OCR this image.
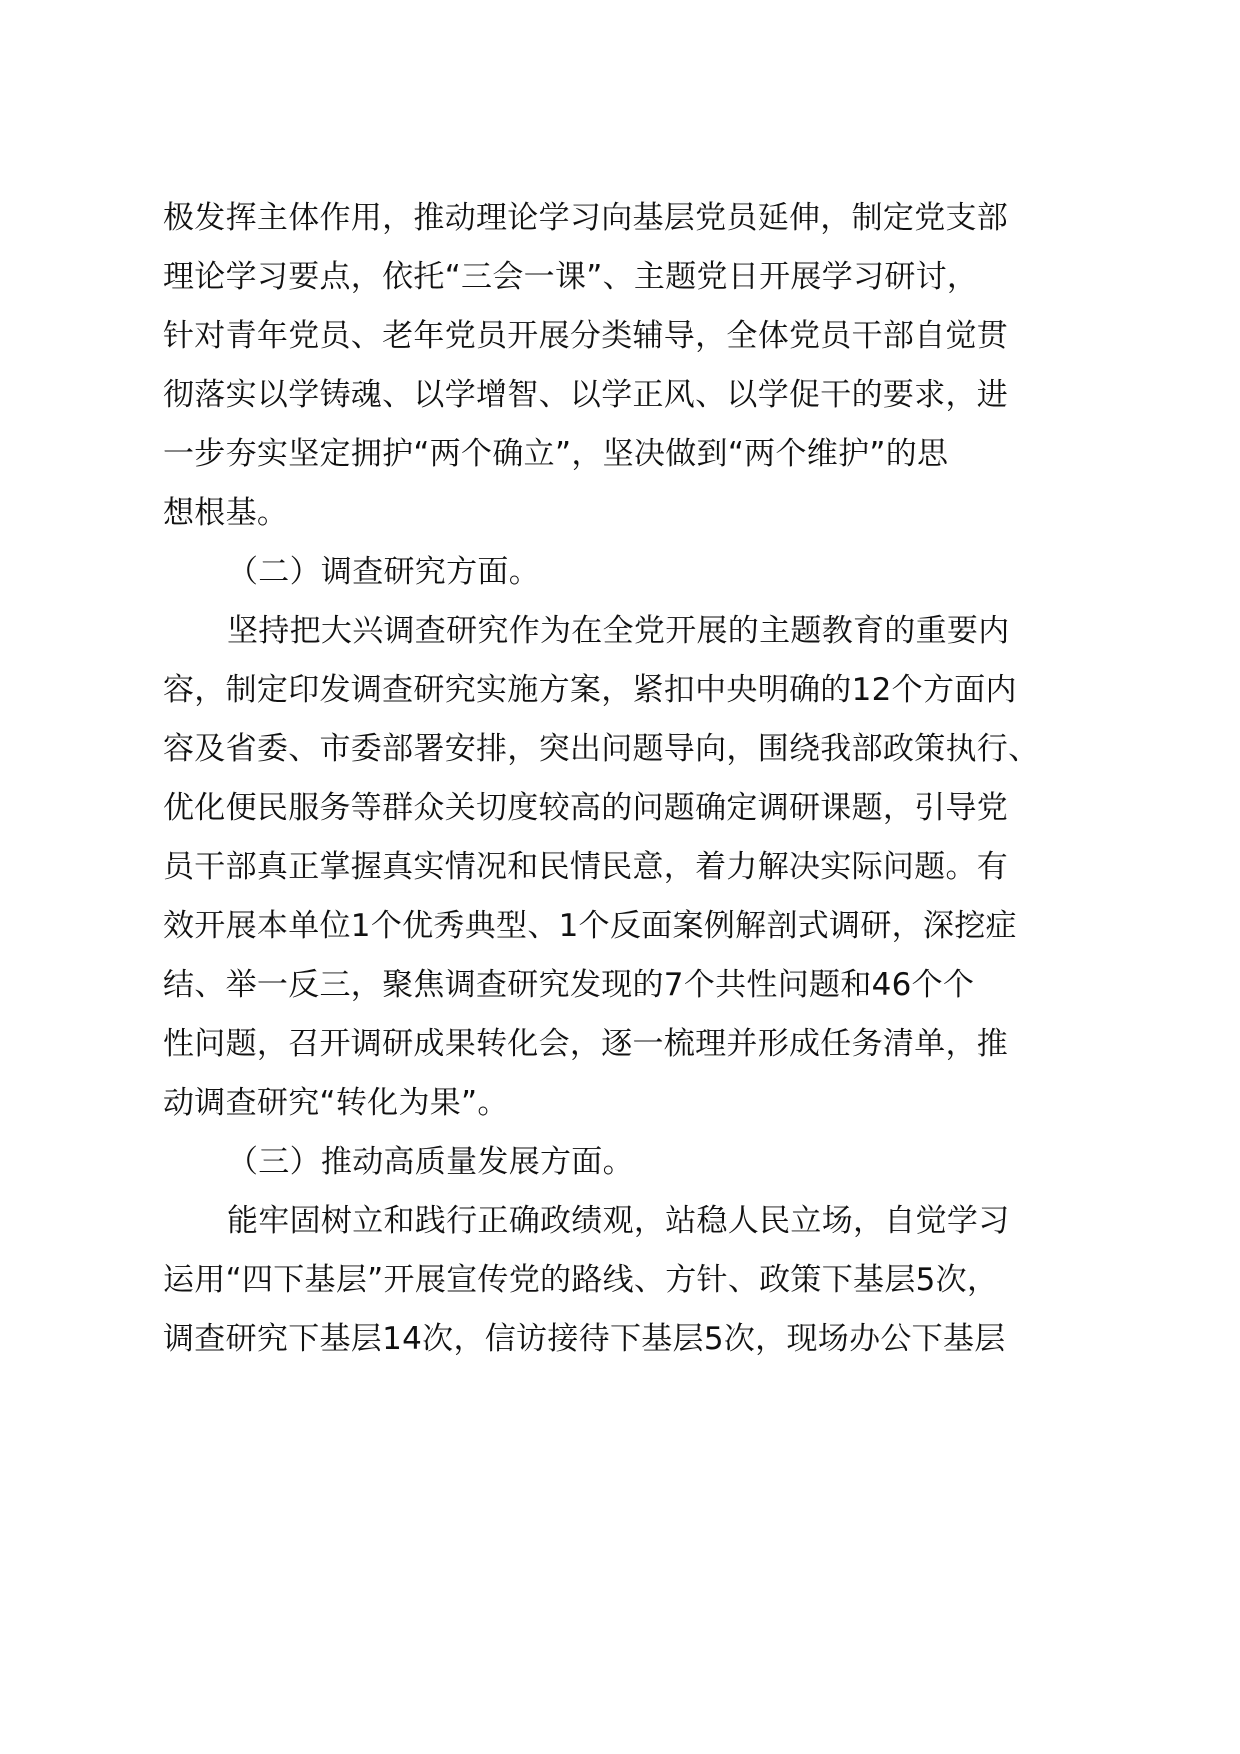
极发挥主体作用，推动理论学习向基层党员延伸，制定党支部
理论学习要点，依托“三会一课”、主题党日开展学习研讨，
针对青年党员、老年党员开展分类辅导，全体党员干部自觉贯
彻落实以学铸魂、以学增智、以学正风、以学促干的要求，进
一步夯实坚定拥护“两个确立”，坚决做到“两个维护”的思
想根基。
（二）调查研究方面。
坚持把大兴调查研究作为在全党开展的主题教育的重要内
容，制定印发调查研究实施方案，紧扣中央明确的12个方面内
容及省委、市委部署安排，突出问题导向，围绕我部政策执行、
优化便民服务等群众关切度较高的问题确定调研课题，引导党
员干部真正掌握真实情况和民情民意，着力解决实际问题。有
效开展本单位1个优秀典型、1个反面案例解剖式调研，深挖症
结、举一反三，聚焦调查研究发现的7个共性问题和46个个
性问题，召开调研成果转化会，逐一梳理并形成任务清单，推
动调查研究“转化为果”。
（三）推动高质量发展方面。
能牢固树立和践行正确政绩观，站稳人民立场，自觉学习
运用“四下基层”开展宣传党的路线、方针、政策下基层5次，
调查研究下基层14次，信访接待下基层5次，现场办公下基层
